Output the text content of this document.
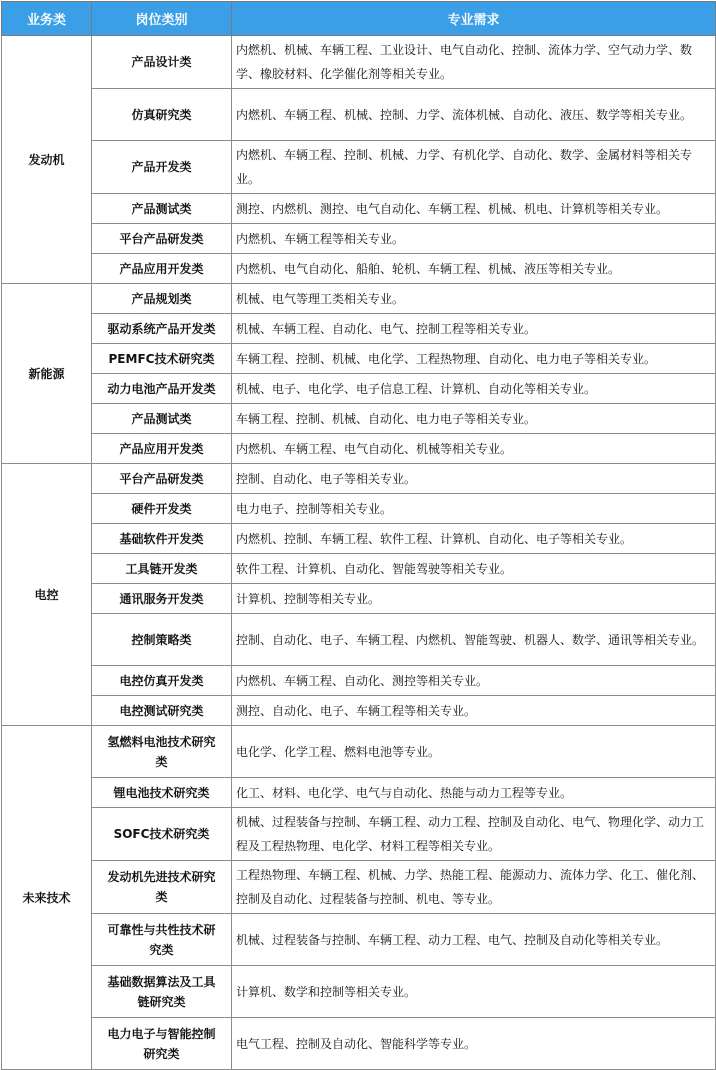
业务类	岗位类别	专业需求
发动机	产品设计类	内燃机、机械、车辆工程、工业设计、电气自动化、控制、流体力学、空气动力学、数学、橡胶材料、化学催化剂等相关专业。
	仿真研究类	内燃机、车辆工程、机械、控制、力学、流体机械、自动化、液压、数学等相关专业。
	产品开发类	内燃机、车辆工程、控制、机械、力学、有机化学、自动化、数学、金属材料等相关专业。
	产品测试类	测控、内燃机、测控、电气自动化、车辆工程、机械、机电、计算机等相关专业。
	平台产品研发类	内燃机、车辆工程等相关专业。
	产品应用开发类	内燃机、电气自动化、船舶、轮机、车辆工程、机械、液压等相关专业。
新能源	产品规划类	机械、电气等理工类相关专业。
	驱动系统产品开发类	机械、车辆工程、自动化、电气、控制工程等相关专业。
	PEMFC技术研究类	车辆工程、控制、机械、电化学、工程热物理、自动化、电力电子等相关专业。
	动力电池产品开发类	机械、电子、电化学、电子信息工程、计算机、自动化等相关专业。
	产品测试类	车辆工程、控制、机械、自动化、电力电子等相关专业。
	产品应用开发类	内燃机、车辆工程、电气自动化、机械等相关专业。
电控	平台产品研发类	控制、自动化、电子等相关专业。
	硬件开发类	电力电子、控制等相关专业。
	基础软件开发类	内燃机、控制、车辆工程、软件工程、计算机、自动化、电子等相关专业。
	工具链开发类	软件工程、计算机、自动化、智能驾驶等相关专业。
	通讯服务开发类	计算机、控制等相关专业。
	控制策略类	控制、自动化、电子、车辆工程、内燃机、智能驾驶、机器人、数学、通讯等相关专业。
	电控仿真开发类	内燃机、车辆工程、自动化、测控等相关专业。
	电控测试研究类	测控、自动化、电子、车辆工程等相关专业。
未来技术	氢燃料电池技术研究类	电化学、化学工程、燃料电池等专业。
	锂电池技术研究类	化工、材料、电化学、电气与自动化、热能与动力工程等专业。
	SOFC技术研究类	机械、过程装备与控制、车辆工程、动力工程、控制及自动化、电气、物理化学、动力工程及工程热物理、电化学、材料工程等相关专业。
	发动机先进技术研究类	工程热物理、车辆工程、机械、力学、热能工程、能源动力、流体力学、化工、催化剂、控制及自动化、过程装备与控制、机电、等专业。
	可靠性与共性技术研究类	机械、过程装备与控制、车辆工程、动力工程、电气、控制及自动化等相关专业。
	基础数据算法及工具链研究类	计算机、数学和控制等相关专业。
	电力电子与智能控制研究类	电气工程、控制及自动化、智能科学等专业。
